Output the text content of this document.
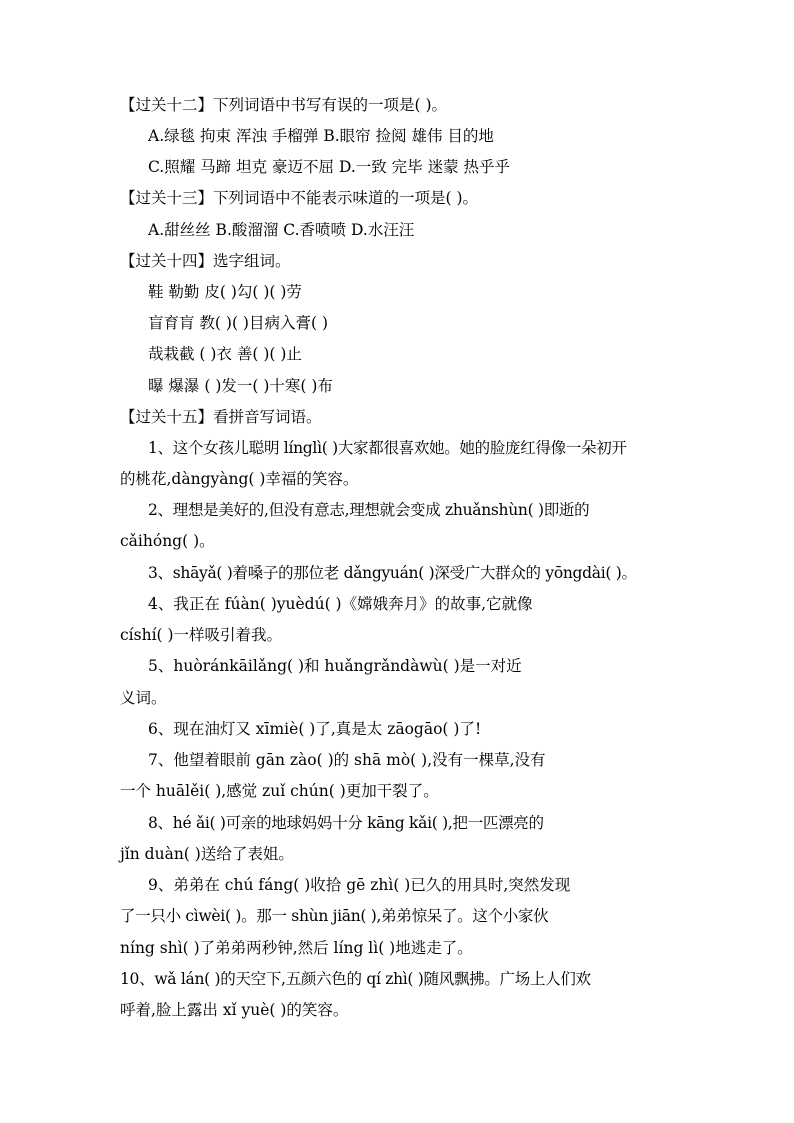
【过关十二】下列词语中书写有误的一项是( )。
A.绿毯 拘束 浑浊 手榴弹 B.眼帘 捡阅 雄伟 目的地
C.照耀 马蹄 坦克 豪迈不屈 D.一致 完毕 迷蒙 热乎乎
【过关十三】下列词语中不能表示味道的一项是( )。
A.甜丝丝 B.酸溜溜 C.香喷喷 D.水汪汪
【过关十四】选字组词。
鞋 勒勤 皮( )勾( )( )劳
盲育肓 教( )( )目病入膏( )
哉栽截 ( )衣 善( )( )止
曝 爆瀑 ( )发一( )十寒( )布
【过关十五】看拼音写词语。
1、这个女孩儿聪明 línglì( )大家都很喜欢她。她的脸庞红得像一朵初开
的桃花,dàngyàng( )幸福的笑容。
2、理想是美好的,但没有意志,理想就会变成 zhuǎnshùn( )即逝的
cǎihóng( )。
3、shāyǎ( )着嗓子的那位老 dǎngyuán( )深受广大群众的 yōngdài( )。
4、我正在 fúàn( )yuèdú( )《嫦娥奔月》的故事,它就像
císhí( )一样吸引着我。
5、huòránkāilǎng( )和 huǎngrǎndàwù( )是一对近
义词。
6、现在油灯又 xīmiè( )了,真是太 zāogāo( )了!
7、他望着眼前 gān zào( )的 shā mò( ),没有一棵草,没有
一个 huālěi( ),感觉 zuǐ chún( )更加干裂了。
8、hé ǎi( )可亲的地球妈妈十分 kāng kǎi( ),把一匹漂亮的
jǐn duàn( )送给了表姐。
9、弟弟在 chú fáng( )收拾 gē zhì( )已久的用具时,突然发现
了一只小 cìwèi( )。那一 shùn jiān( ),弟弟惊呆了。这个小家伙
níng shì( )了弟弟两秒钟,然后 líng lì( )地逃走了。
10、wǎ lán( )的天空下,五颜六色的 qí zhì( )随风飘拂。广场上人们欢
呼着,脸上露出 xǐ yuè( )的笑容。
